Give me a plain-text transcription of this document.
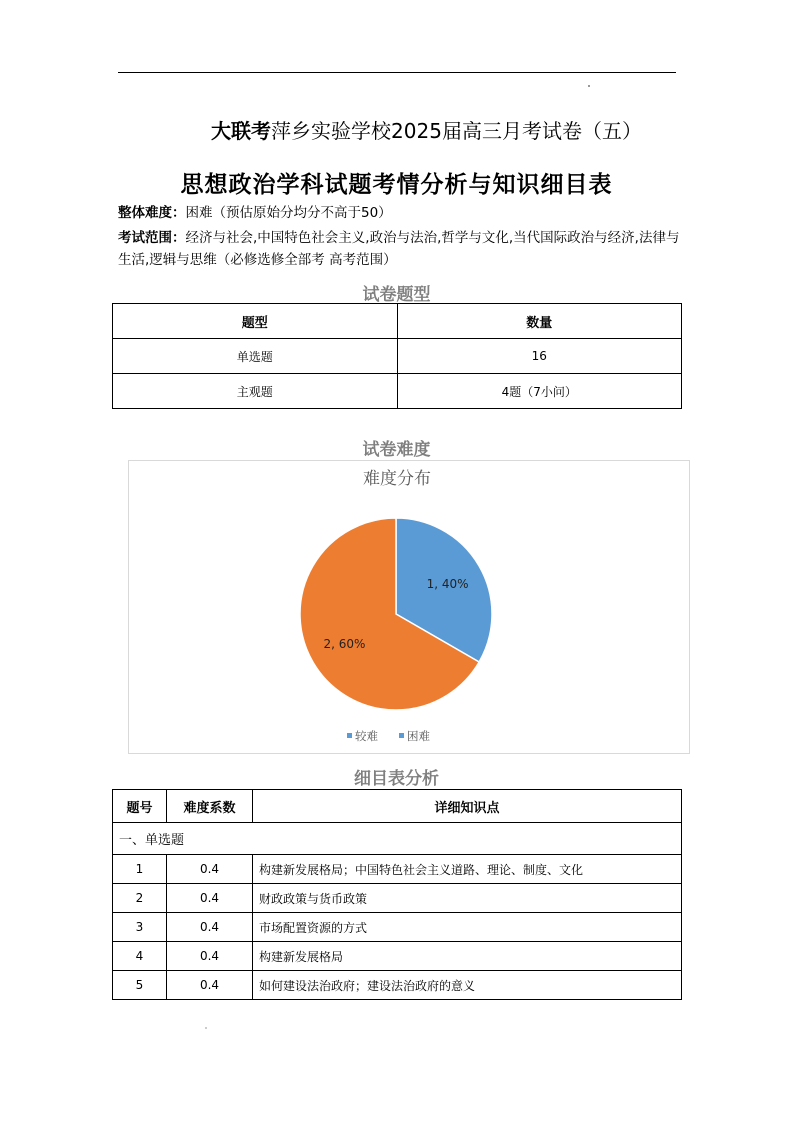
大联考萍乡实验学校2025届高三月考试卷（五）
思想政治学科试题考情分析与知识细目表
整体难度：困难（预估原始分均分不高于50）
考试范围：经济与社会,中国特色社会主义,政治与法治,哲学与文化,当代国际政治与经济,法律与生活,逻辑与思维（必修选修全部考 高考范围）
试卷题型
题型	数量
单选题	16
主观题	4题（7小问）
试卷难度
难度分布
1, 40%
2, 60%
较难	困难
细目表分析
题号	难度系数	详细知识点
一、单选题		
1	0.4	构建新发展格局；中国特色社会主义道路、理论、制度、文化
2	0.4	财政政策与货币政策
3	0.4	市场配置资源的方式
4	0.4	构建新发展格局
5	0.4	如何建设法治政府；建设法治政府的意义
